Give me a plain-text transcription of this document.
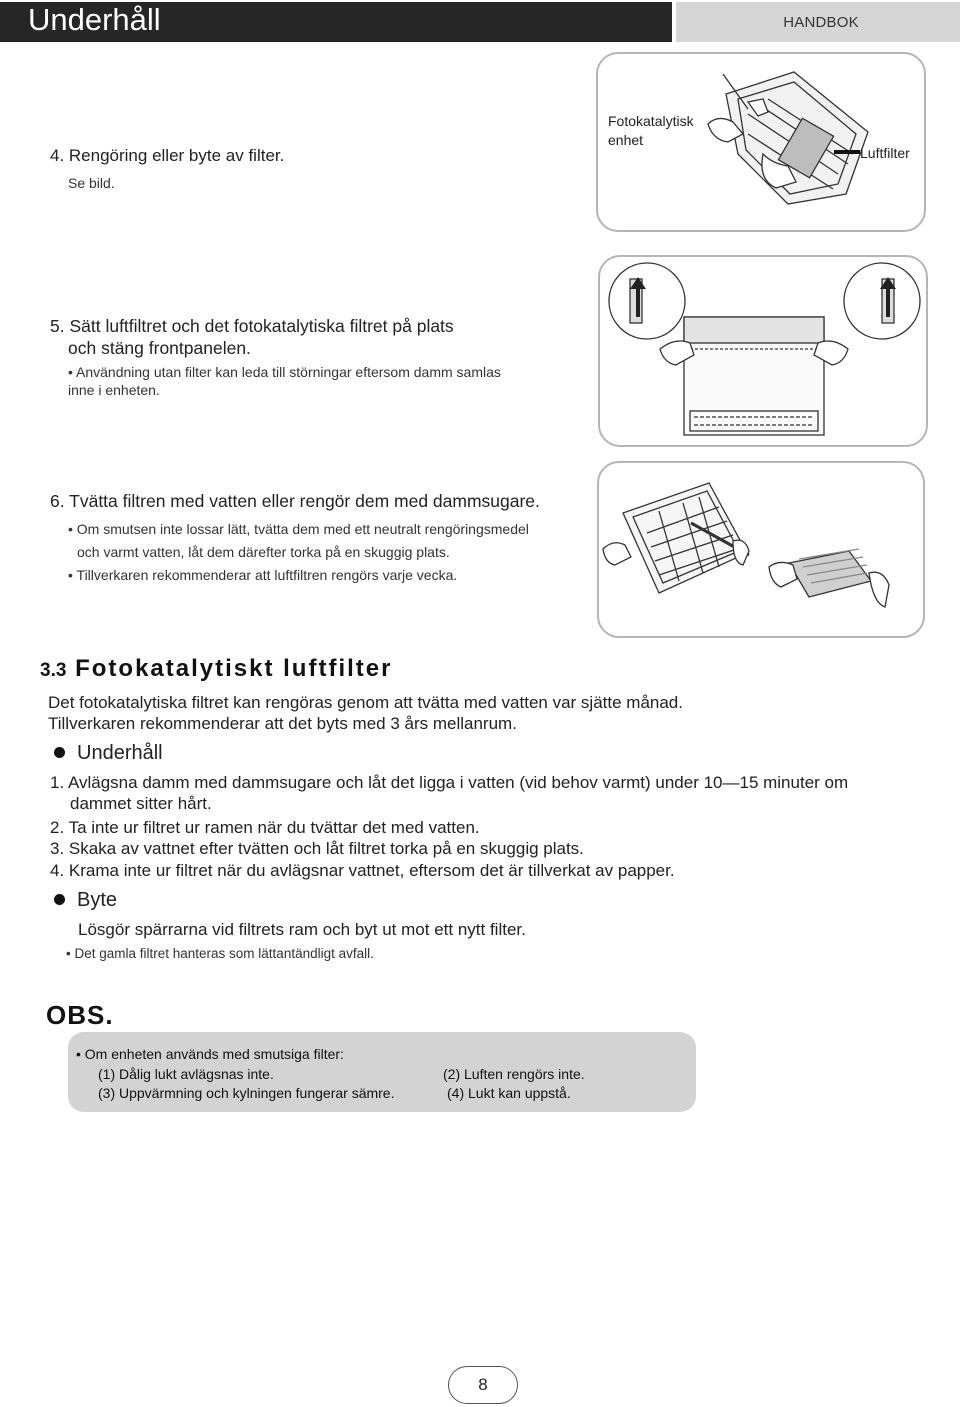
Underhåll	HANDBOK
4. Rengöring eller byte av filter.
Se bild.
Fotokatalytisk enhet
Luftfilter
5. Sätt luftfiltret och det fotokatalytiska filtret på plats
och stäng frontpanelen.
• Användning utan filter kan leda till störningar eftersom damm samlas
inne i enheten.
6. Tvätta filtren med vatten eller rengör dem med dammsugare.
• Om smutsen inte lossar lätt, tvätta dem med ett neutralt rengöringsmedel
och varmt vatten, låt dem därefter torka på en skuggig plats.
• Tillverkaren rekommenderar att luftfiltren rengörs varje vecka.
3.3 Fotokatalytiskt luftfilter
Det fotokatalytiska filtret kan rengöras genom att tvätta med vatten var sjätte månad.
Tillverkaren rekommenderar att det byts med 3 års mellanrum.
Underhåll
1. Avlägsna damm med dammsugare och låt det ligga i vatten (vid behov varmt) under 10—15 minuter om
dammet sitter hårt.
2. Ta inte ur filtret ur ramen när du tvättar det med vatten.
3. Skaka av vattnet efter tvätten och låt filtret torka på en skuggig plats.
4. Krama inte ur filtret när du avlägsnar vattnet, eftersom det är tillverkat av papper.
Byte
Lösgör spärrarna vid filtrets ram och byt ut mot ett nytt filter.
• Det gamla filtret hanteras som lättantändligt avfall.
OBS.
• Om enheten används med smutsiga filter:
(1) Dålig lukt avlägsnas inte.	(2) Luften rengörs inte.
(3) Uppvärmning och kylningen fungerar sämre.	(4) Lukt kan uppstå.
8
